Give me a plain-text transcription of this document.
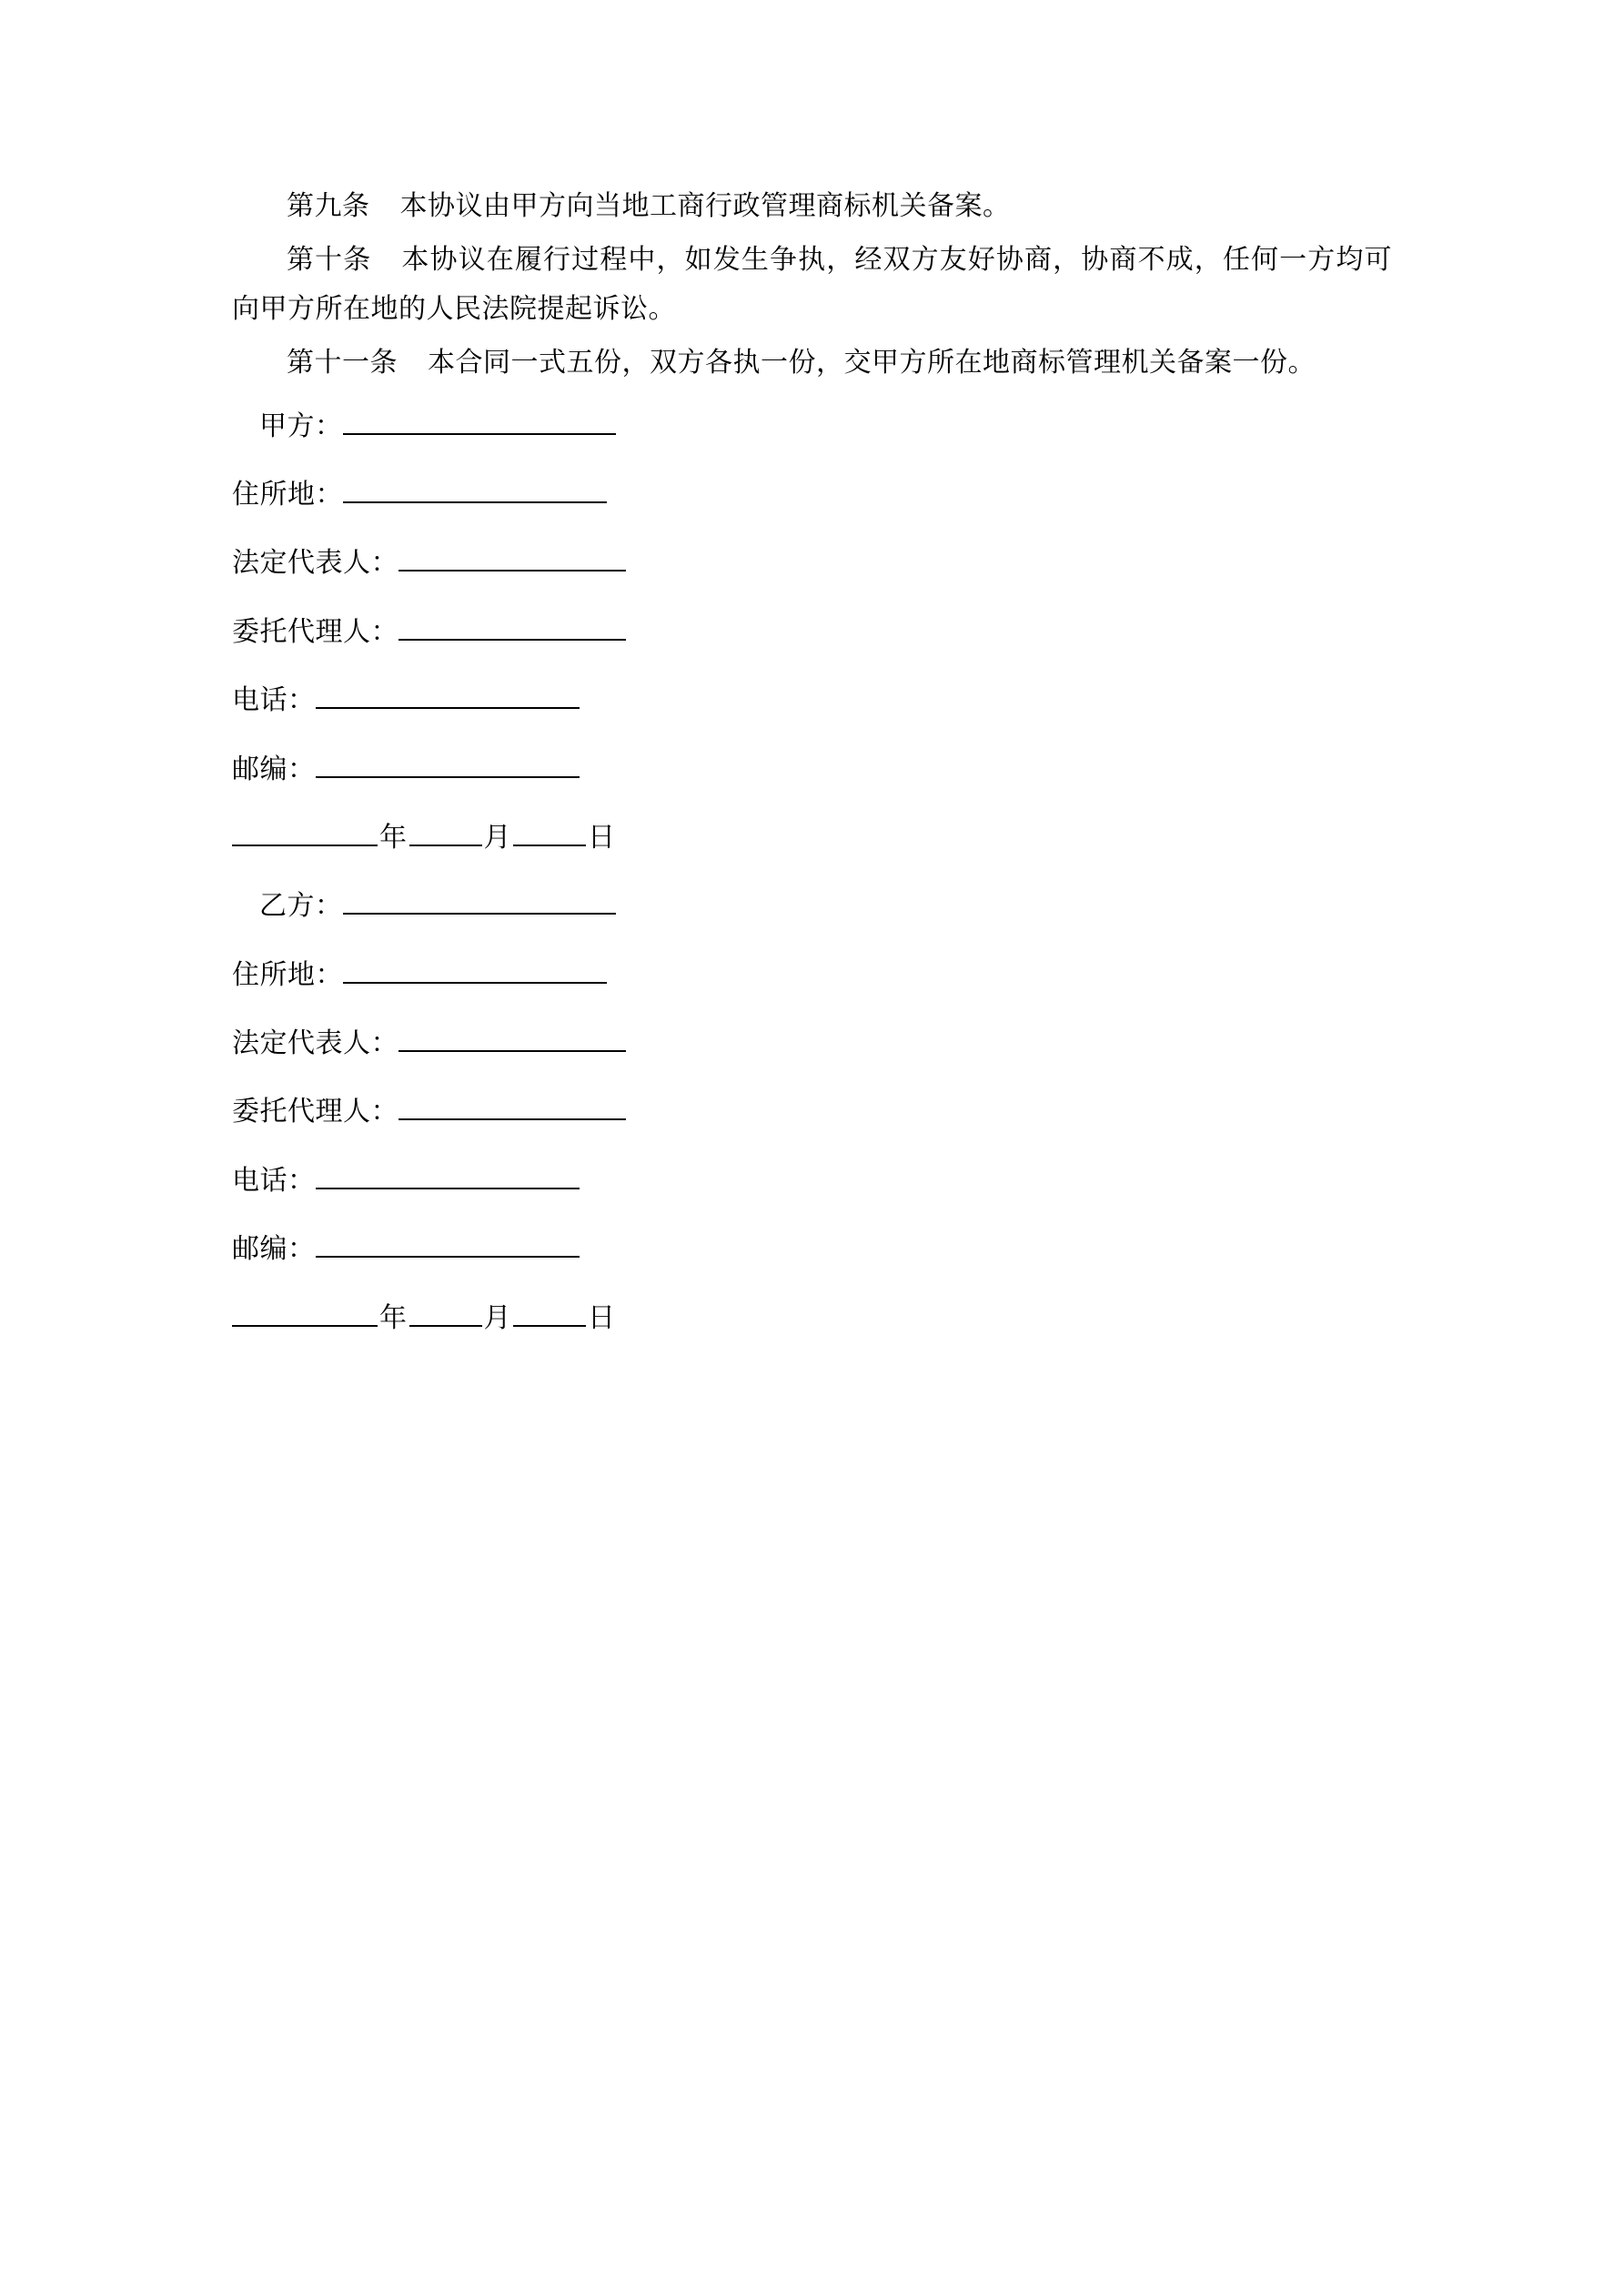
第九条 本协议由甲方向当地工商行政管理商标机关备案。

第十条 本协议在履行过程中，如发生争执，经双方友好协商，协商不成，任何一方均可向甲方所在地的人民法院提起诉讼。

第十一条 本合同一式五份，双方各执一份，交甲方所在地商标管理机关备案一份。

甲方：
住所地：
法定代表人：
委托代理人：
电话：
邮编：
年	月	日
乙方：
住所地：
法定代表人：
委托代理人：
电话：
邮编：
年	月	日
